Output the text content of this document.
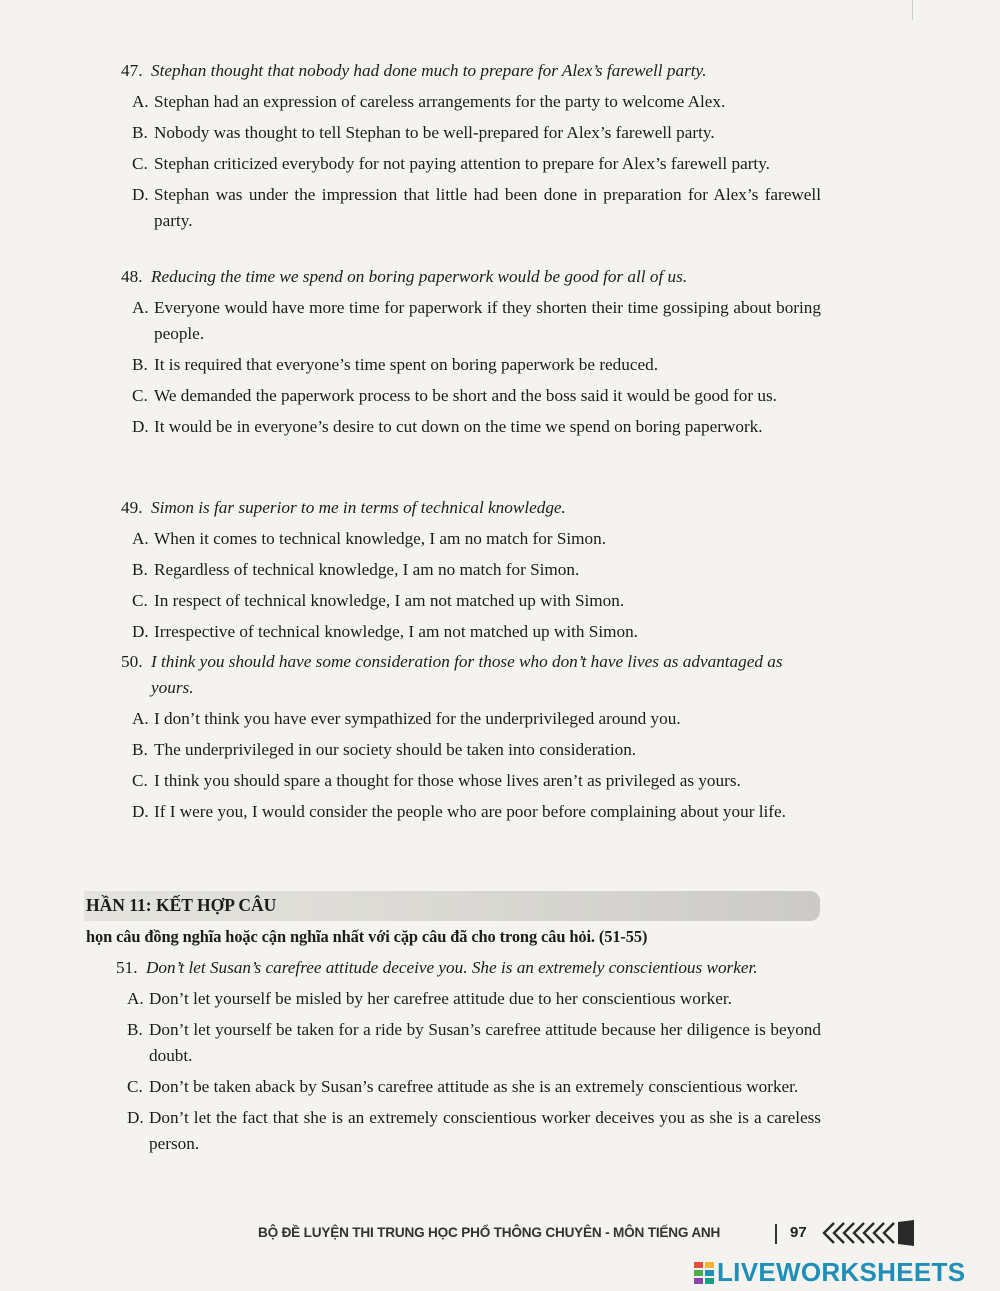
47. Stephan thought that nobody had done much to prepare for Alex’s farewell party.
A. Stephan had an expression of careless arrangements for the party to welcome Alex.
B. Nobody was thought to tell Stephan to be well-prepared for Alex’s farewell party.
C. Stephan criticized everybody for not paying attention to prepare for Alex’s farewell party.
D. Stephan was under the impression that little had been done in preparation for Alex’s farewell party.
48. Reducing the time we spend on boring paperwork would be good for all of us.
A. Everyone would have more time for paperwork if they shorten their time gossiping about boring people.
B. It is required that everyone’s time spent on boring paperwork be reduced.
C. We demanded the paperwork process to be short and the boss said it would be good for us.
D. It would be in everyone’s desire to cut down on the time we spend on boring paperwork.
49. Simon is far superior to me in terms of technical knowledge.
A. When it comes to technical knowledge, I am no match for Simon.
B. Regardless of technical knowledge, I am no match for Simon.
C. In respect of technical knowledge, I am not matched up with Simon.
D. Irrespective of technical knowledge, I am not matched up with Simon.
50. I think you should have some consideration for those who don’t have lives as advantaged as yours.
A. I don’t think you have ever sympathized for the underprivileged around you.
B. The underprivileged in our society should be taken into consideration.
C. I think you should spare a thought for those whose lives aren’t as privileged as yours.
D. If I were you, I would consider the people who are poor before complaining about your life.
HẦN 11: KẾT HỢP CÂU
họn câu đồng nghĩa hoặc cận nghĩa nhất với cặp câu đã cho trong câu hỏi. (51-55)
51. Don’t let Susan’s carefree attitude deceive you. She is an extremely conscientious worker.
A. Don’t let yourself be misled by her carefree attitude due to her conscientious worker.
B. Don’t let yourself be taken for a ride by Susan’s carefree attitude because her diligence is beyond doubt.
C. Don’t be taken aback by Susan’s carefree attitude as she is an extremely conscientious worker.
D. Don’t let the fact that she is an extremely conscientious worker deceives you as she is a careless person.
BỘ ĐỀ LUYỆN THI TRUNG HỌC PHỔ THÔNG CHUYÊN - MÔN TIẾNG ANH	97
LIVEWORKSHEETS
